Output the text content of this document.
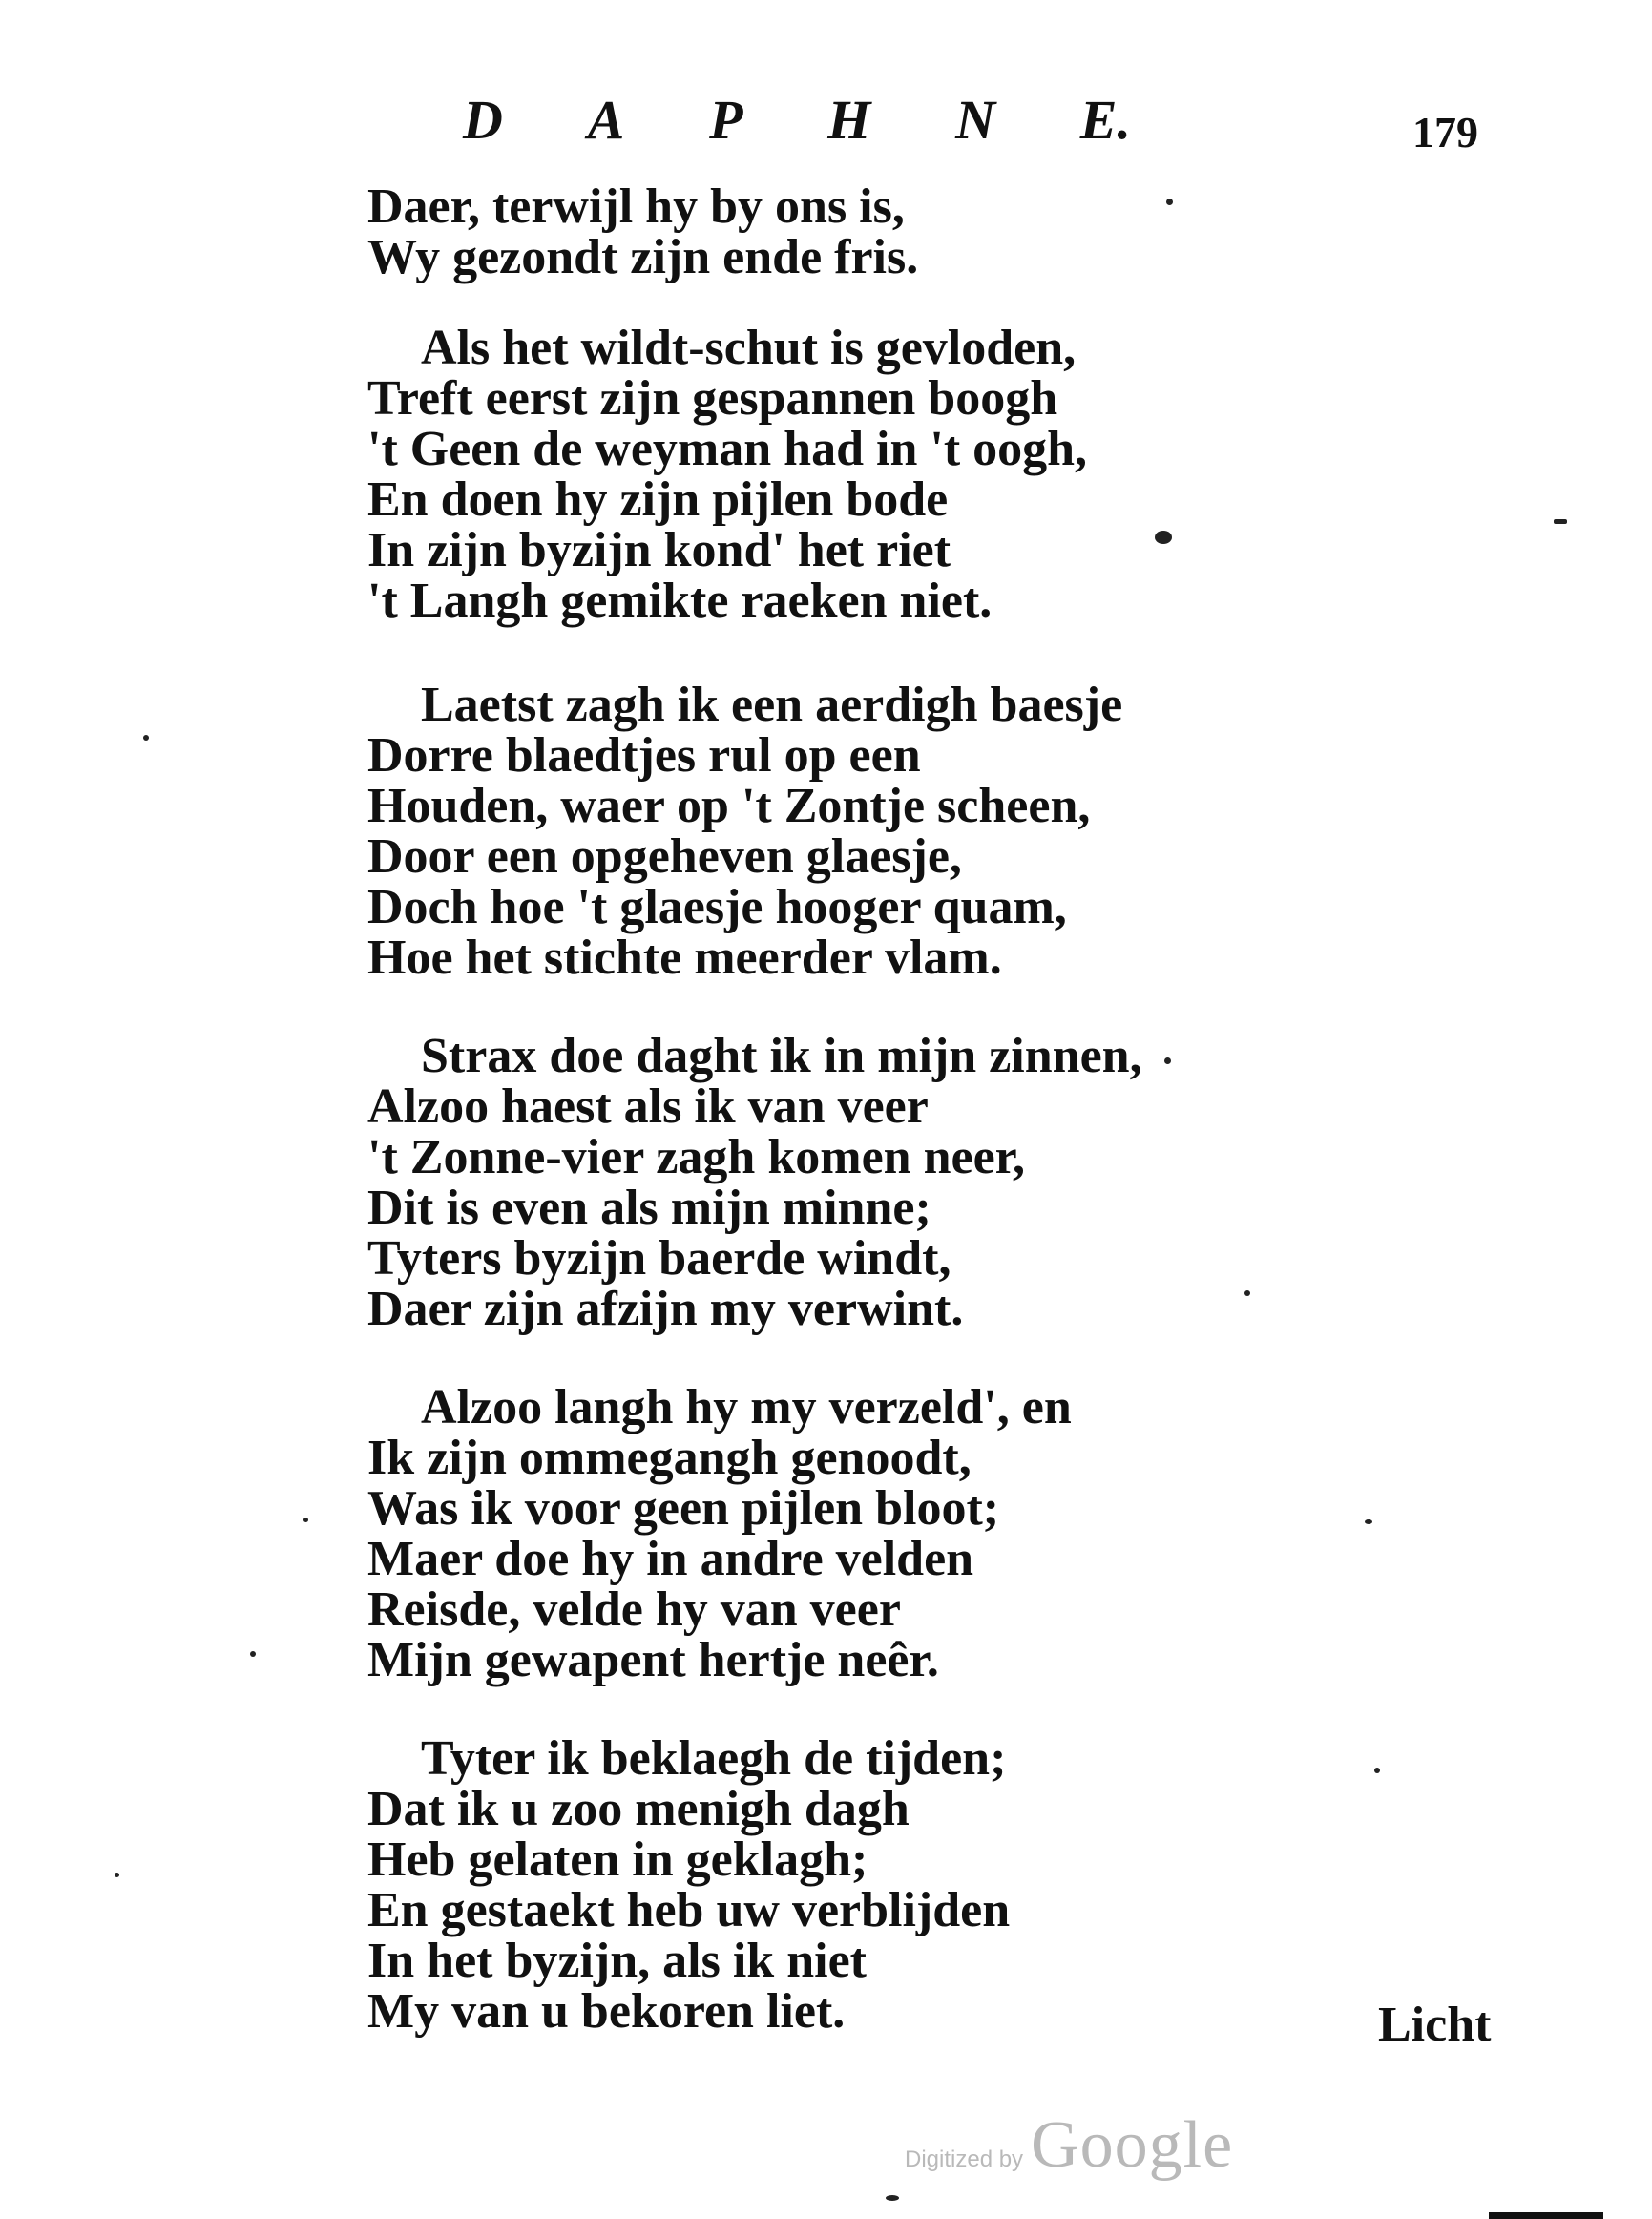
D A P H N E.	179
Daer, terwijl hy by ons is,
Wy gezondt zijn ende fris.
Als het wildt-schut is gevloden,
Treft eerst zijn gespannen boogh
't Geen de weyman had in 't oogh,
En doen hy zijn pijlen bode
In zijn byzijn kond' het riet
't Langh gemikte raeken niet.
Laetst zagh ik een aerdigh baesje
Dorre blaedtjes rul op een
Houden, waer op 't Zontje scheen,
Door een opgeheven glaesje,
Doch hoe 't glaesje hooger quam,
Hoe het stichte meerder vlam.
Strax doe daght ik in mijn zinnen,
Alzoo haest als ik van veer
't Zonne-vier zagh komen neer,
Dit is even als mijn minne;
Tyters byzijn baerde windt,
Daer zijn afzijn my verwint.
Alzoo langh hy my verzeld', en
Ik zijn ommegangh genoodt,
Was ik voor geen pijlen bloot;
Maer doe hy in andre velden
Reisde, velde hy van veer
Mijn gewapent hertje neêr.
Tyter ik beklaegh de tijden;
Dat ik u zoo menigh dagh
Heb gelaten in geklagh;
En gestaekt heb uw verblijden
In het byzijn, als ik niet
My van u bekoren liet.	Licht
Digitized by Google
